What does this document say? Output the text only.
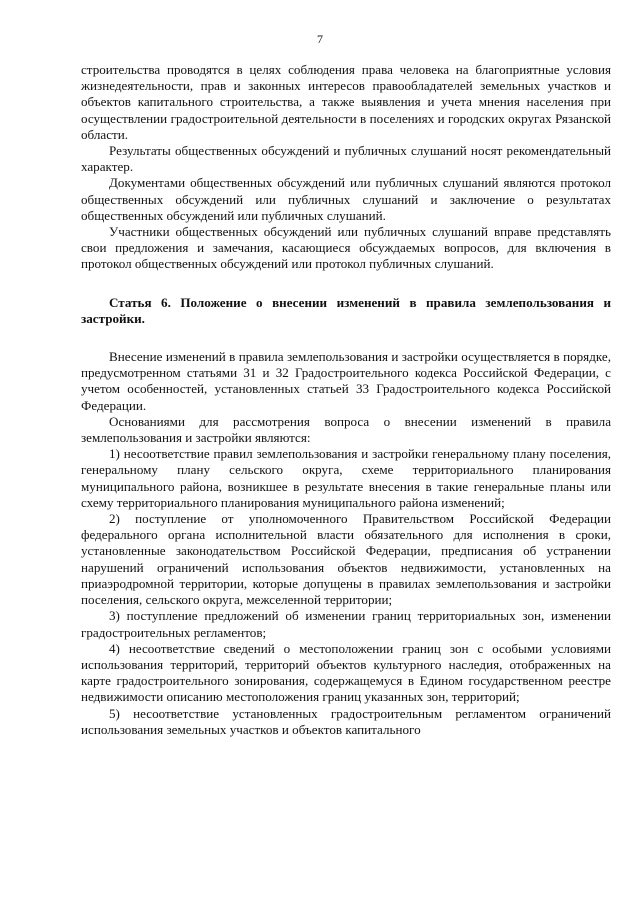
7

строительства проводятся в целях соблюдения права человека на благоприятные условия жизнедеятельности, прав и законных интересов правообладателей земельных участков и объектов капитального строительства, а также выявления и учета мнения населения при осуществлении градостроительной деятельности в поселениях и городских округах Рязанской области.

Результаты общественных обсуждений и публичных слушаний носят рекомендательный характер.

Документами общественных обсуждений или публичных слушаний являются протокол общественных обсуждений или публичных слушаний и заключение о результатах общественных обсуждений или публичных слушаний.

Участники общественных обсуждений или публичных слушаний вправе представлять свои предложения и замечания, касающиеся обсуждаемых вопросов, для включения в протокол общественных обсуждений или протокол публичных слушаний.

Статья 6. Положение о внесении изменений в правила землепользования и застройки.

Внесение изменений в правила землепользования и застройки осуществляется в порядке, предусмотренном статьями 31 и 32 Градостроительного кодекса Российской Федерации, с учетом особенностей, установленных статьей 33 Градостроительного кодекса Российской Федерации.

Основаниями для рассмотрения вопроса о внесении изменений в правила землепользования и застройки являются:

1) несоответствие правил землепользования и застройки генеральному плану поселения, генеральному плану сельского округа, схеме территориального планирования муниципального района, возникшее в результате внесения в такие генеральные планы или схему территориального планирования муниципального района изменений;

2) поступление от уполномоченного Правительством Российской Федерации федерального органа исполнительной власти обязательного для исполнения в сроки, установленные законодательством Российской Федерации, предписания об устранении нарушений ограничений использования объектов недвижимости, установленных на приаэродромной территории, которые допущены в правилах землепользования и застройки поселения, сельского округа, межселенной территории;

3) поступление предложений об изменении границ территориальных зон, изменении градостроительных регламентов;

4) несоответствие сведений о местоположении границ зон с особыми условиями использования территорий, территорий объектов культурного наследия, отображенных на карте градостроительного зонирования, содержащемуся в Едином государственном реестре недвижимости описанию местоположения границ указанных зон, территорий;

5) несоответствие установленных градостроительным регламентом ограничений использования земельных участков и объектов капитального
